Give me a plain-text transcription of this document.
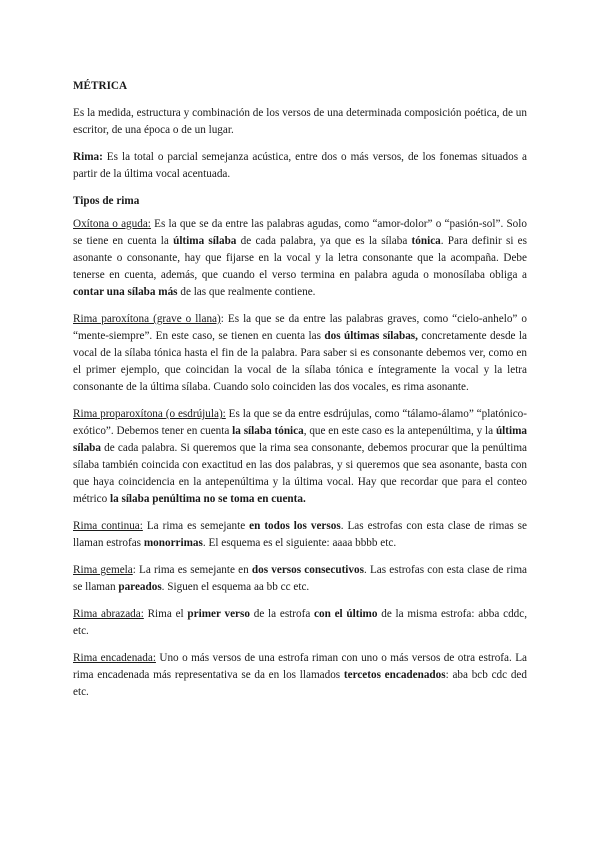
MÉTRICA

Es la medida, estructura y combinación de los versos de una determinada composición poética, de un escritor, de una época o de un lugar.

Rima: Es la total o parcial semejanza acústica, entre dos o más versos, de los fonemas situados a partir de la última vocal acentuada.

Tipos de rima

Oxítona o aguda: Es la que se da entre las palabras agudas, como “amor-dolor” o “pasión-sol”. Solo se tiene en cuenta la última sílaba de cada palabra, ya que es la sílaba tónica. Para definir si es asonante o consonante, hay que fijarse en la vocal y la letra consonante que la acompaña. Debe tenerse en cuenta, además, que cuando el verso termina en palabra aguda o monosílaba obliga a contar una sílaba más de las que realmente contiene.

Rima paroxítona (grave o llana): Es la que se da entre las palabras graves, como “cielo-anhelo” o “mente-siempre”. En este caso, se tienen en cuenta las dos últimas sílabas, concretamente desde la vocal de la sílaba tónica hasta el fin de la palabra. Para saber si es consonante debemos ver, como en el primer ejemplo, que coincidan la vocal de la sílaba tónica e íntegramente la vocal y la letra consonante de la última sílaba. Cuando solo coinciden las dos vocales, es rima asonante.

Rima proparoxítona (o esdrújula): Es la que se da entre esdrújulas, como “tálamo-álamo” “platónico-exótico”. Debemos tener en cuenta la sílaba tónica, que en este caso es la antepenúltima, y la última sílaba de cada palabra. Si queremos que la rima sea consonante, debemos procurar que la penúltima sílaba también coincida con exactitud en las dos palabras, y si queremos que sea asonante, basta con que haya coincidencia en la antepenúltima y la última vocal. Hay que recordar que para el conteo métrico la sílaba penúltima no se toma en cuenta.

Rima continua: La rima es semejante en todos los versos. Las estrofas con esta clase de rimas se llaman estrofas monorrimas. El esquema es el siguiente: aaaa bbbb etc.

Rima gemela: La rima es semejante en dos versos consecutivos. Las estrofas con esta clase de rima se llaman pareados. Siguen el esquema aa bb cc etc.

Rima abrazada: Rima el primer verso de la estrofa con el último de la misma estrofa: abba cddc, etc.

Rima encadenada: Uno o más versos de una estrofa riman con uno o más versos de otra estrofa. La rima encadenada más representativa se da en los llamados tercetos encadenados: aba bcb cdc ded etc.
